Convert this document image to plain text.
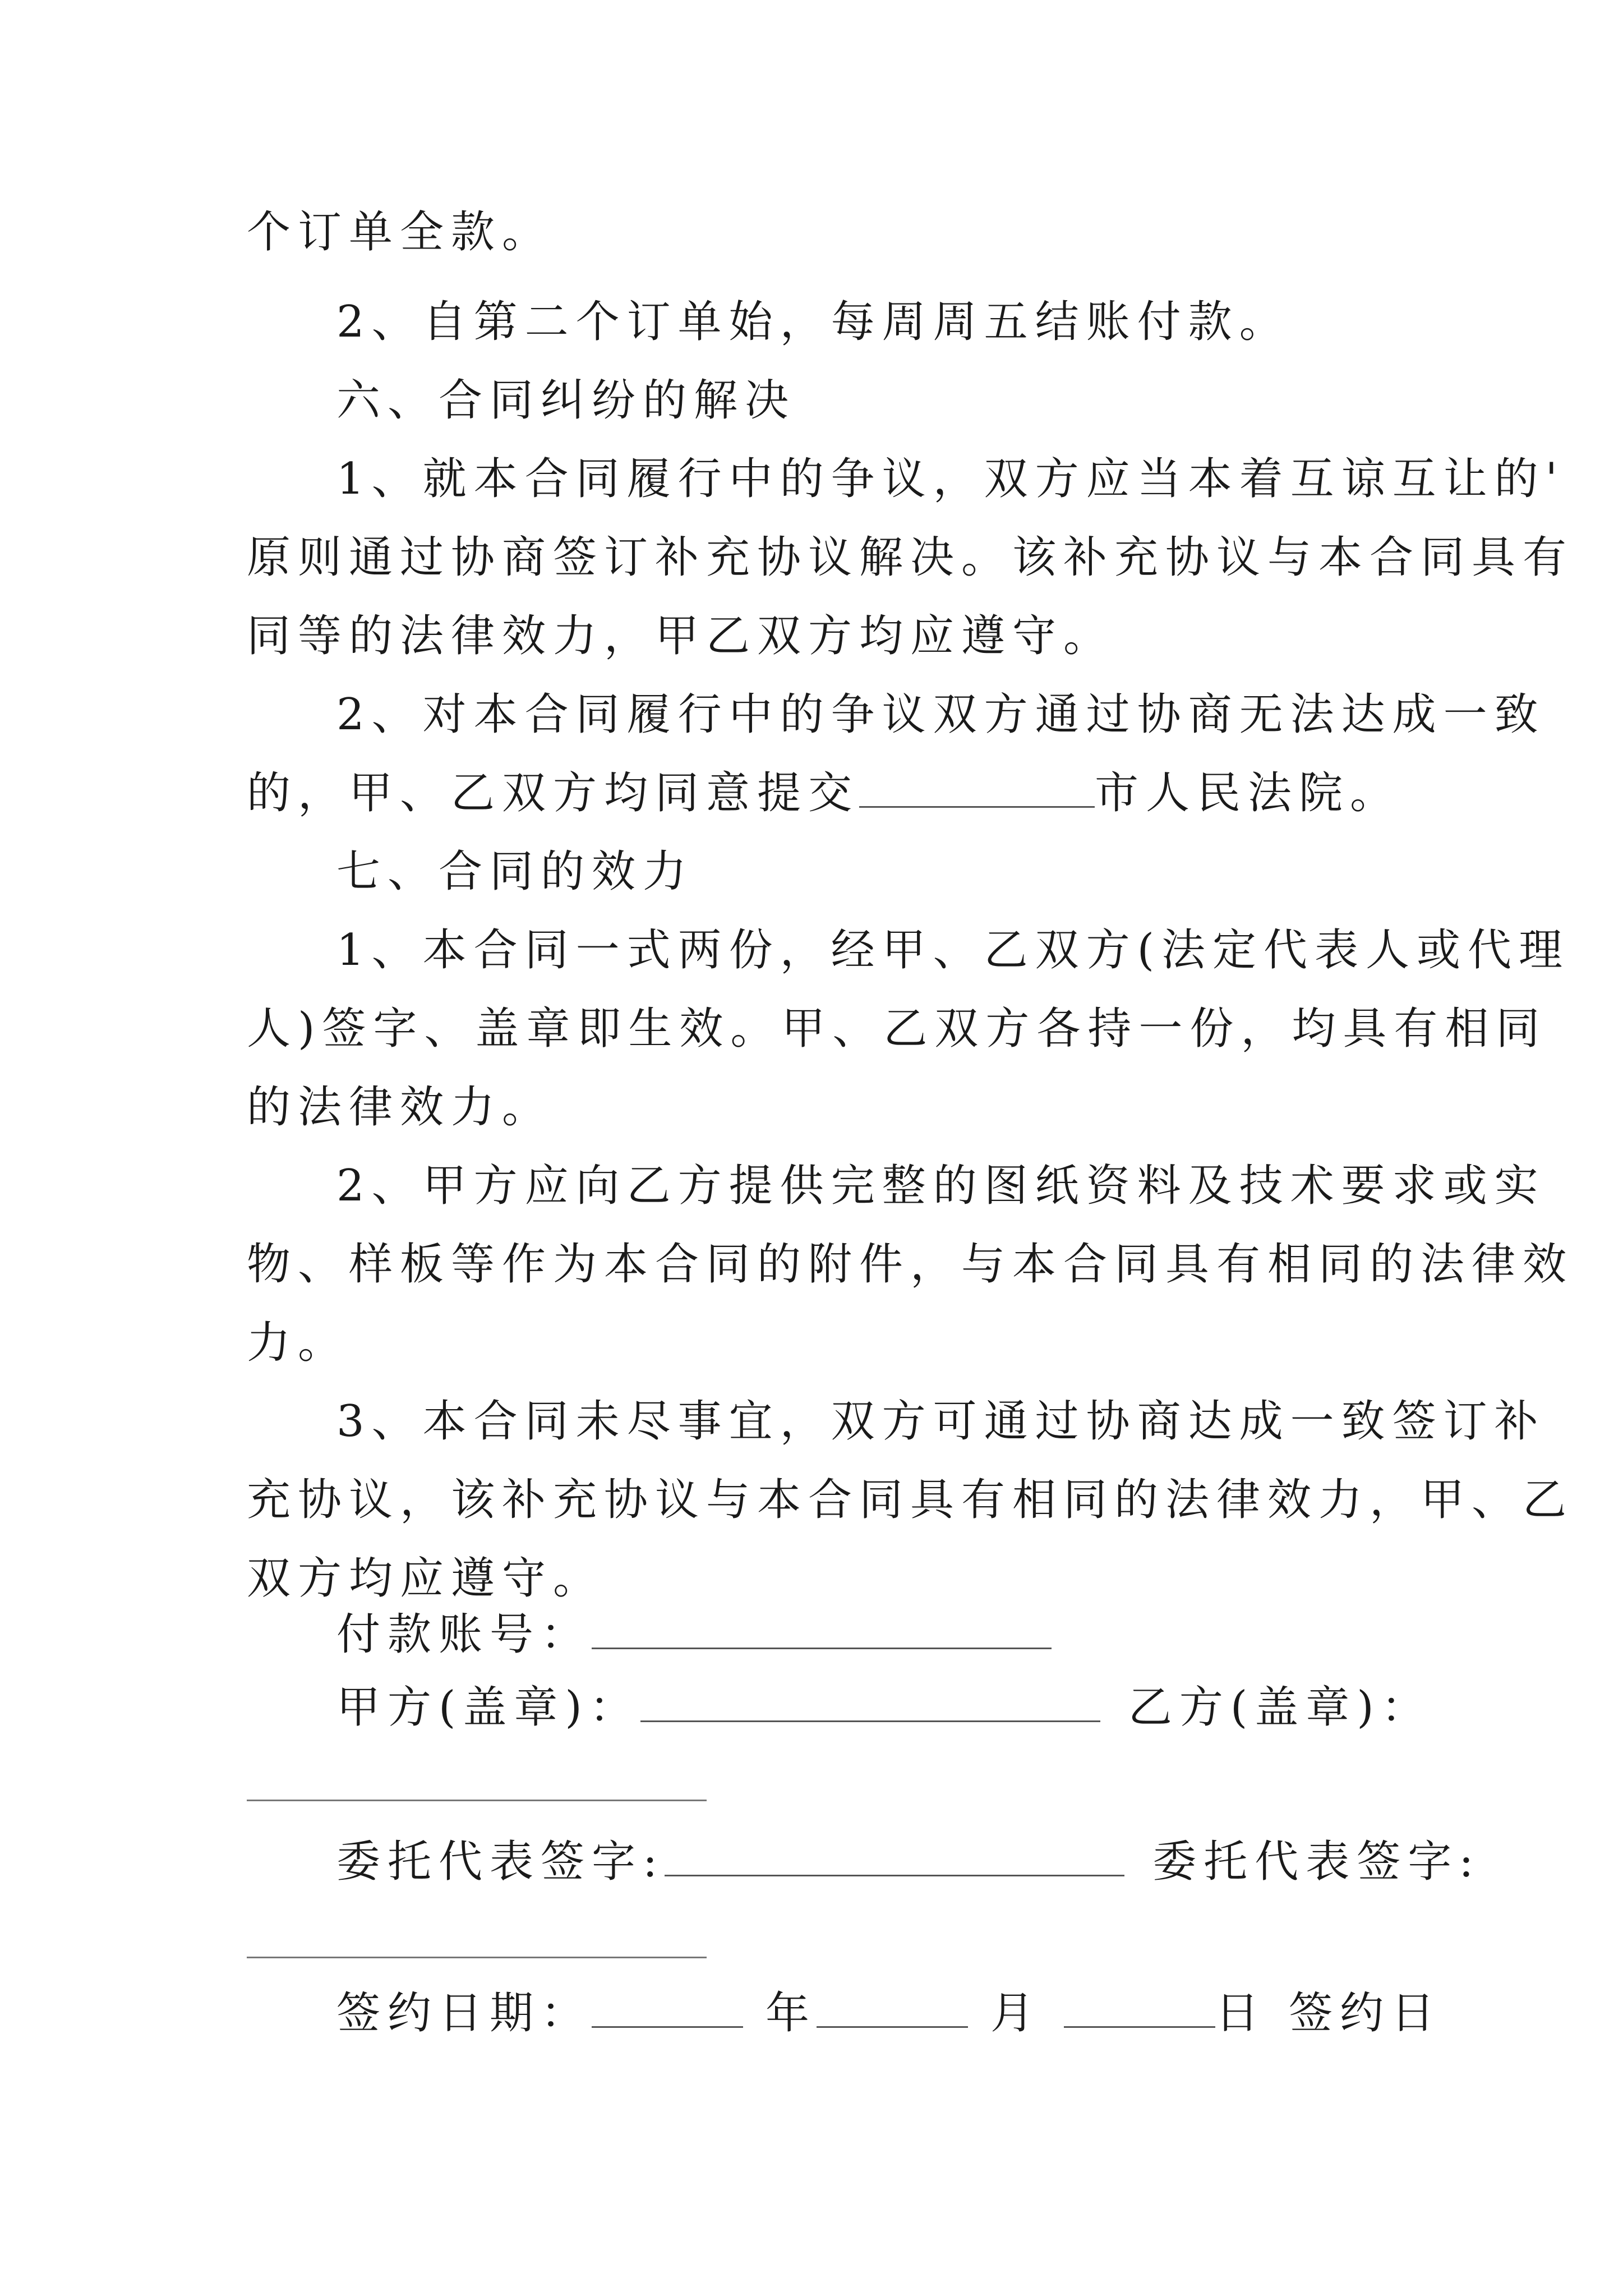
个订单全款。
2、自第二个订单始，每周周五结账付款。
六、合同纠纷的解决
1、就本合同履行中的争议，双方应当本着互谅互让的'
原则通过协商签订补充协议解决。该补充协议与本合同具有
同等的法律效力，甲乙双方均应遵守。
2、对本合同履行中的争议双方通过协商无法达成一致
的，甲、乙双方均同意提交	市人民法院。
七、合同的效力
1、本合同一式两份，经甲、乙双方(法定代表人或代理
人)签字、盖章即生效。甲、乙双方各持一份，均具有相同
的法律效力。
2、甲方应向乙方提供完整的图纸资料及技术要求或实
物、样板等作为本合同的附件，与本合同具有相同的法律效
力。
3、本合同未尽事宜，双方可通过协商达成一致签订补
充协议，该补充协议与本合同具有相同的法律效力，甲、乙
双方均应遵守。
付款账号：
甲方(盖章)：	乙方(盖章)：
委托代表签字:	委托代表签字:
签约日期：	年	月	日 签约日
